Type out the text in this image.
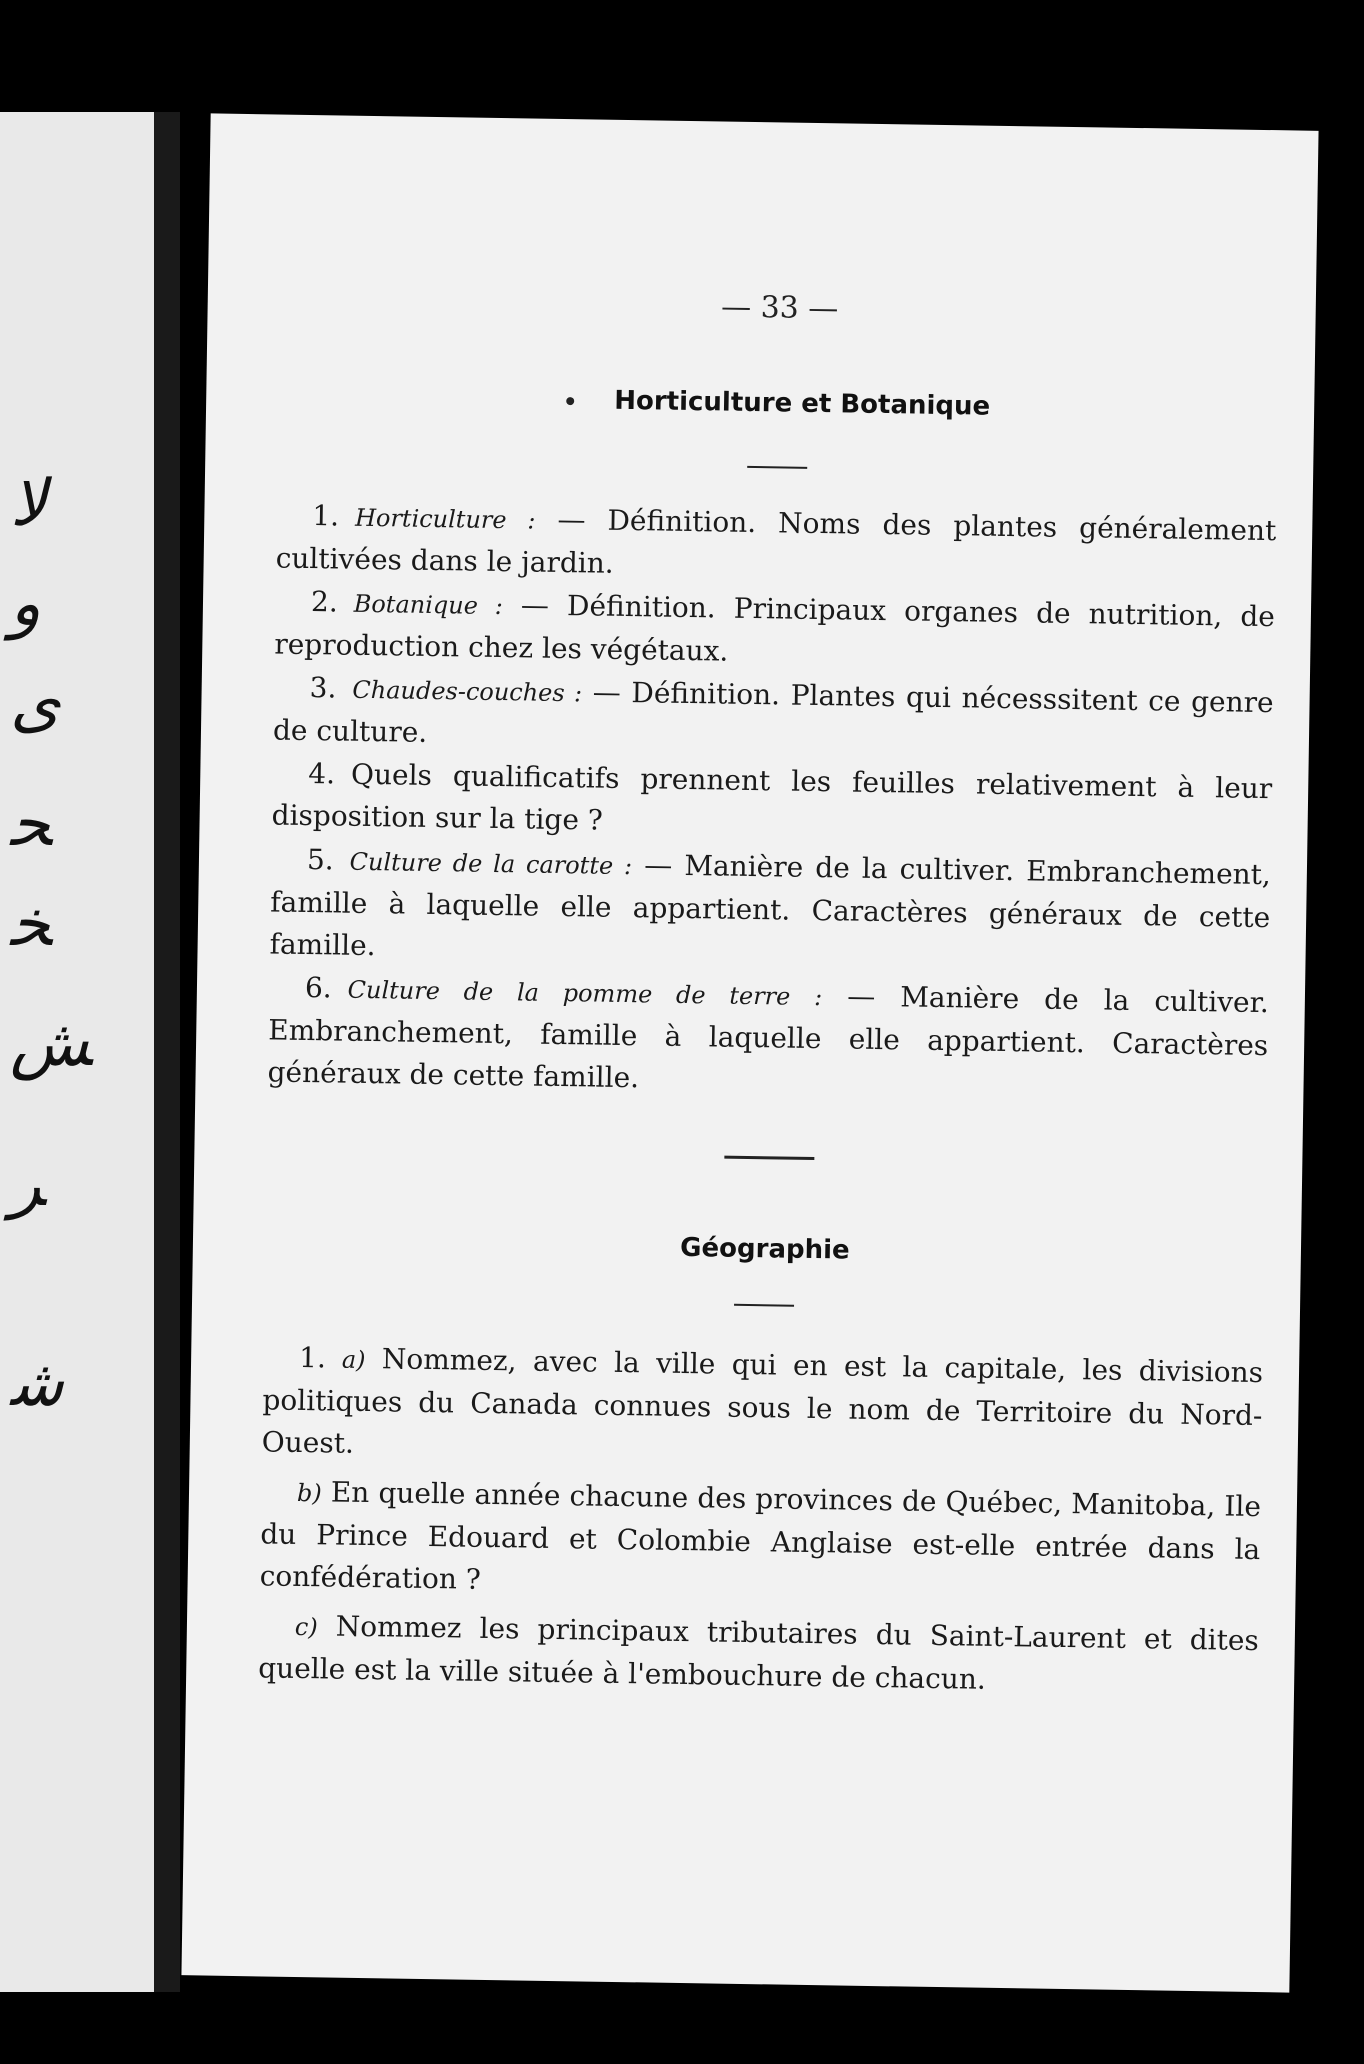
ﻻ
ﻭ
ﻯ
ﺤ
ﺨ
ﺶ
ﺮ
ﺷ
— 33 —
Horticulture et Botanique
1. Horticulture : — Définition. Noms des plantes généralement cultivées dans le jardin.
2. Botanique : — Définition. Principaux organes de nutrition, de reproduction chez les végétaux.
3. Chaudes-couches : — Définition. Plantes qui nécesssitent ce genre de culture.
4. Quels qualificatifs prennent les feuilles relativement à leur disposition sur la tige ?
5. Culture de la carotte : — Manière de la cultiver. Embranchement, famille à laquelle elle appartient. Caractères généraux de cette famille.
6. Culture de la pomme de terre : — Manière de la cultiver. Embranchement, famille à laquelle elle appartient. Caractères généraux de cette famille.
Géographie
1. a) Nommez, avec la ville qui en est la capitale, les divisions politiques du Canada connues sous le nom de Territoire du Nord-Ouest.
b) En quelle année chacune des provinces de Québec, Manitoba, Ile du Prince Edouard et Colombie Anglaise est-elle entrée dans la confédération ?
c) Nommez les principaux tributaires du Saint-Laurent et dites quelle est la ville située à l'embouchure de chacun.
